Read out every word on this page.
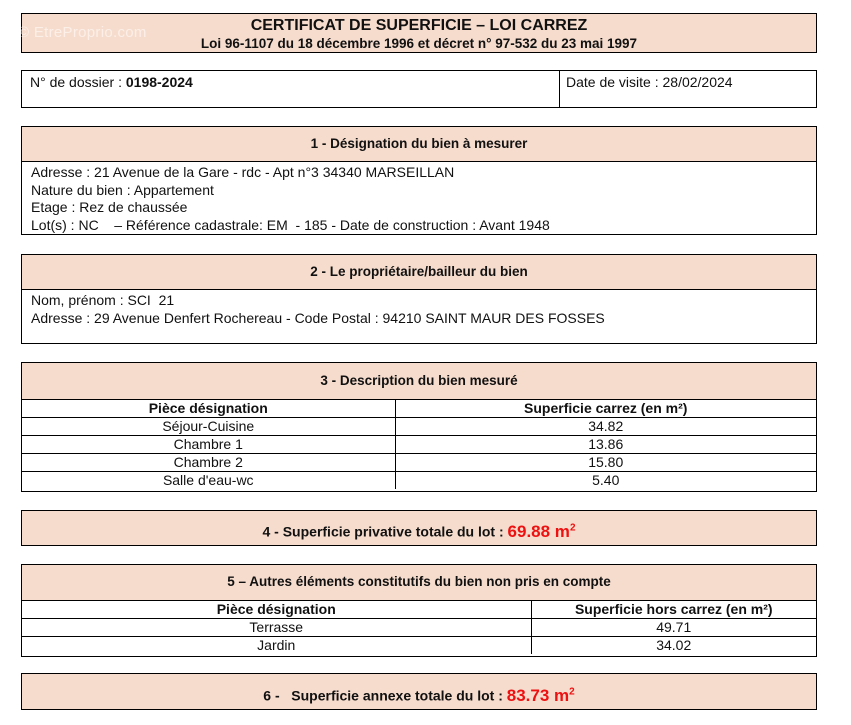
CERTIFICAT DE SUPERFICIE – LOI CARREZ
Loi 96-1107 du 18 décembre 1996 et décret n° 97-532 du 23 mai 1997
© EtreProprio.com
N° de dossier : 0198-2024	Date de visite : 28/02/2024
1 - Désignation du bien à mesurer
Adresse : 21 Avenue de la Gare - rdc - Apt n°3 34340 MARSEILLAN
Nature du bien : Appartement
Etage : Rez de chaussée
Lot(s) : NC    – Référence cadastrale: EM  - 185 - Date de construction : Avant 1948
2 - Le propriétaire/bailleur du bien
Nom, prénom : SCI  21
Adresse : 29 Avenue Denfert Rochereau - Code Postal : 94210 SAINT MAUR DES FOSSES
3 - Description du bien mesuré
Pièce désignation	Superficie carrez (en m²)
Séjour-Cuisine	34.82
Chambre 1	13.86
Chambre 2	15.80
Salle d'eau-wc	5.40
4 - Superficie privative totale du lot : 69.88 $m^2$
5 – Autres éléments constitutifs du bien non pris en compte
Pièce désignation	Superficie hors carrez (en m²)
Terrasse	49.71
Jardin	34.02
6 -   Superficie annexe totale du lot : 83.73 $m^2$
